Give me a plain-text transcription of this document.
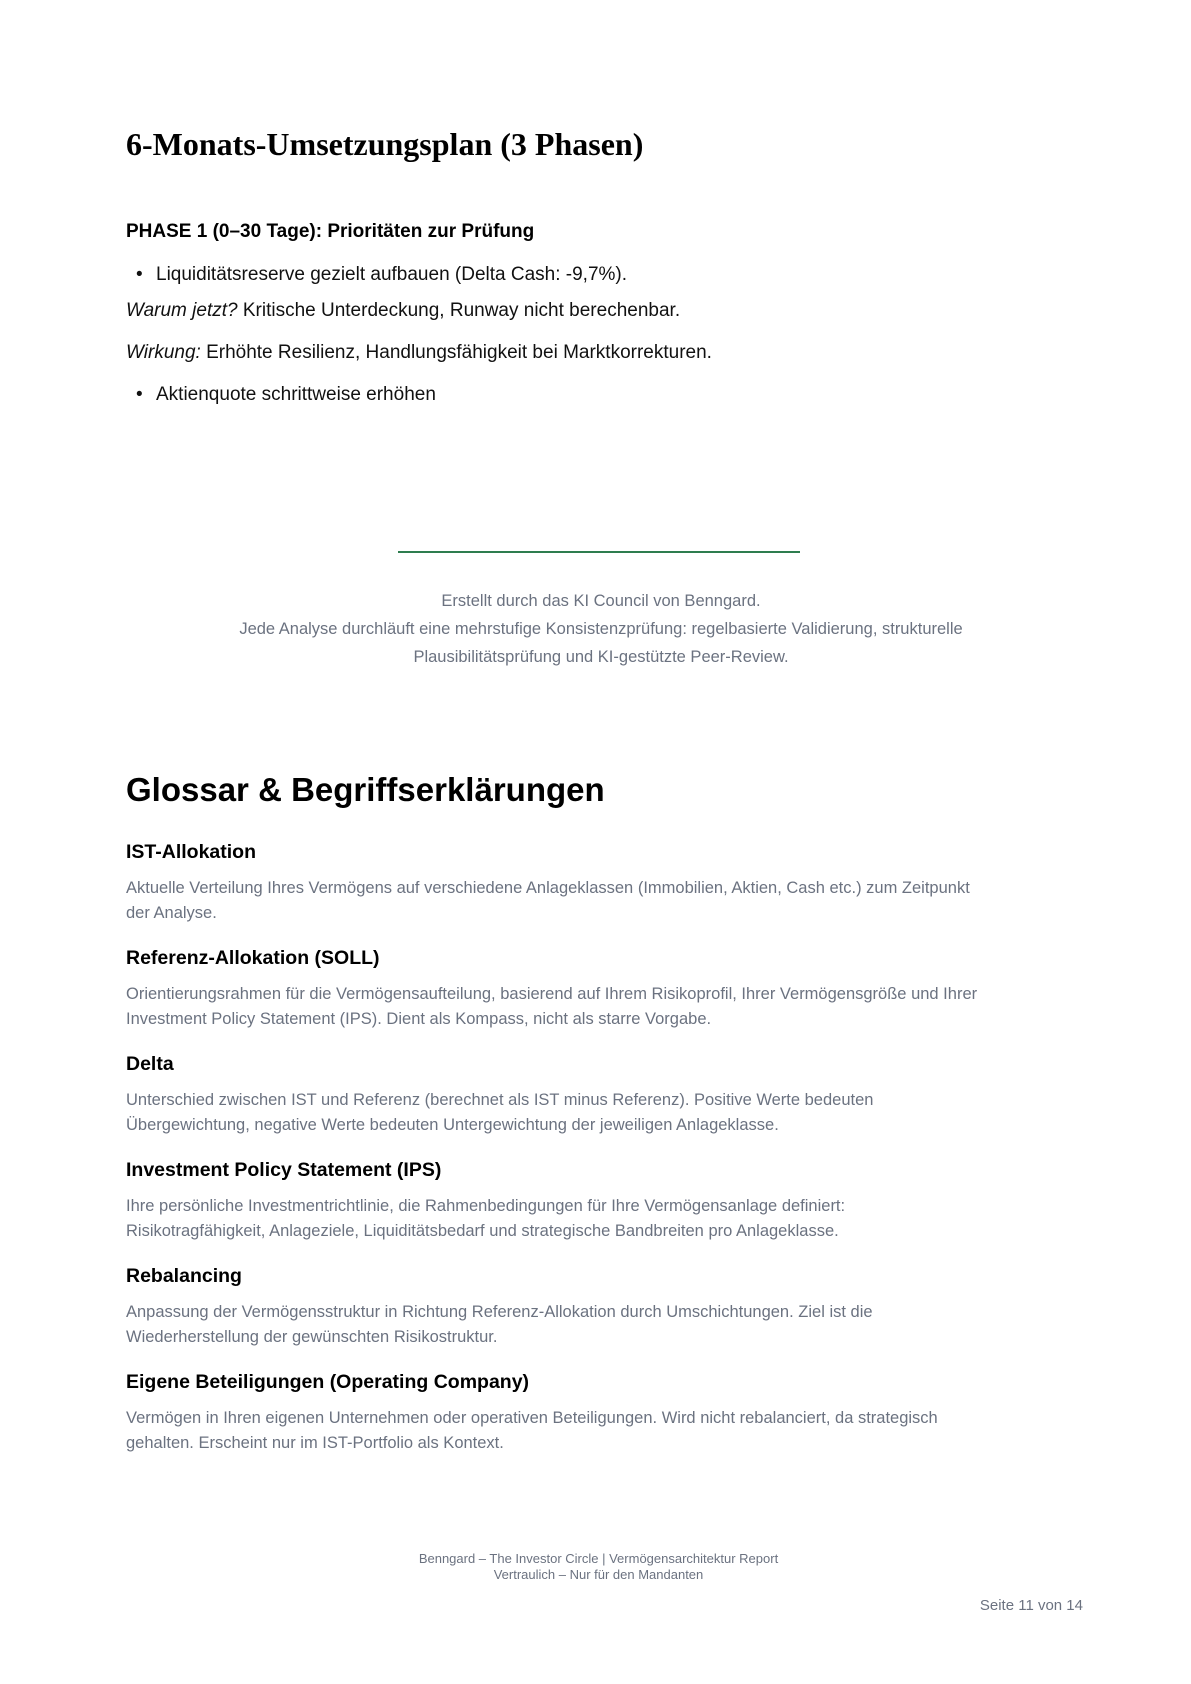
6-Monats-Umsetzungsplan (3 Phasen)
PHASE 1 (0–30 Tage): Prioritäten zur Prüfung
• Liquiditätsreserve gezielt aufbauen (Delta Cash: -9,7%).
Warum jetzt? Kritische Unterdeckung, Runway nicht berechenbar.
Wirkung: Erhöhte Resilienz, Handlungsfähigkeit bei Marktkorrekturen.
• Aktienquote schrittweise erhöhen
Erstellt durch das KI Council von Benngard.
Jede Analyse durchläuft eine mehrstufige Konsistenzprüfung: regelbasierte Validierung, strukturelle
Plausibilitätsprüfung und KI-gestützte Peer-Review.
Glossar & Begriffserklärungen
IST-Allokation
Aktuelle Verteilung Ihres Vermögens auf verschiedene Anlageklassen (Immobilien, Aktien, Cash etc.) zum Zeitpunkt
der Analyse.
Referenz-Allokation (SOLL)
Orientierungsrahmen für die Vermögensaufteilung, basierend auf Ihrem Risikoprofil, Ihrer Vermögensgröße und Ihrer
Investment Policy Statement (IPS). Dient als Kompass, nicht als starre Vorgabe.
Delta
Unterschied zwischen IST und Referenz (berechnet als IST minus Referenz). Positive Werte bedeuten
Übergewichtung, negative Werte bedeuten Untergewichtung der jeweiligen Anlageklasse.
Investment Policy Statement (IPS)
Ihre persönliche Investmentrichtlinie, die Rahmenbedingungen für Ihre Vermögensanlage definiert:
Risikotragfähigkeit, Anlageziele, Liquiditätsbedarf und strategische Bandbreiten pro Anlageklasse.
Rebalancing
Anpassung der Vermögensstruktur in Richtung Referenz-Allokation durch Umschichtungen. Ziel ist die
Wiederherstellung der gewünschten Risikostruktur.
Eigene Beteiligungen (Operating Company)
Vermögen in Ihren eigenen Unternehmen oder operativen Beteiligungen. Wird nicht rebalanciert, da strategisch
gehalten. Erscheint nur im IST-Portfolio als Kontext.
Benngard – The Investor Circle | Vermögensarchitektur Report
Vertraulich – Nur für den Mandanten
Seite 11 von 14
